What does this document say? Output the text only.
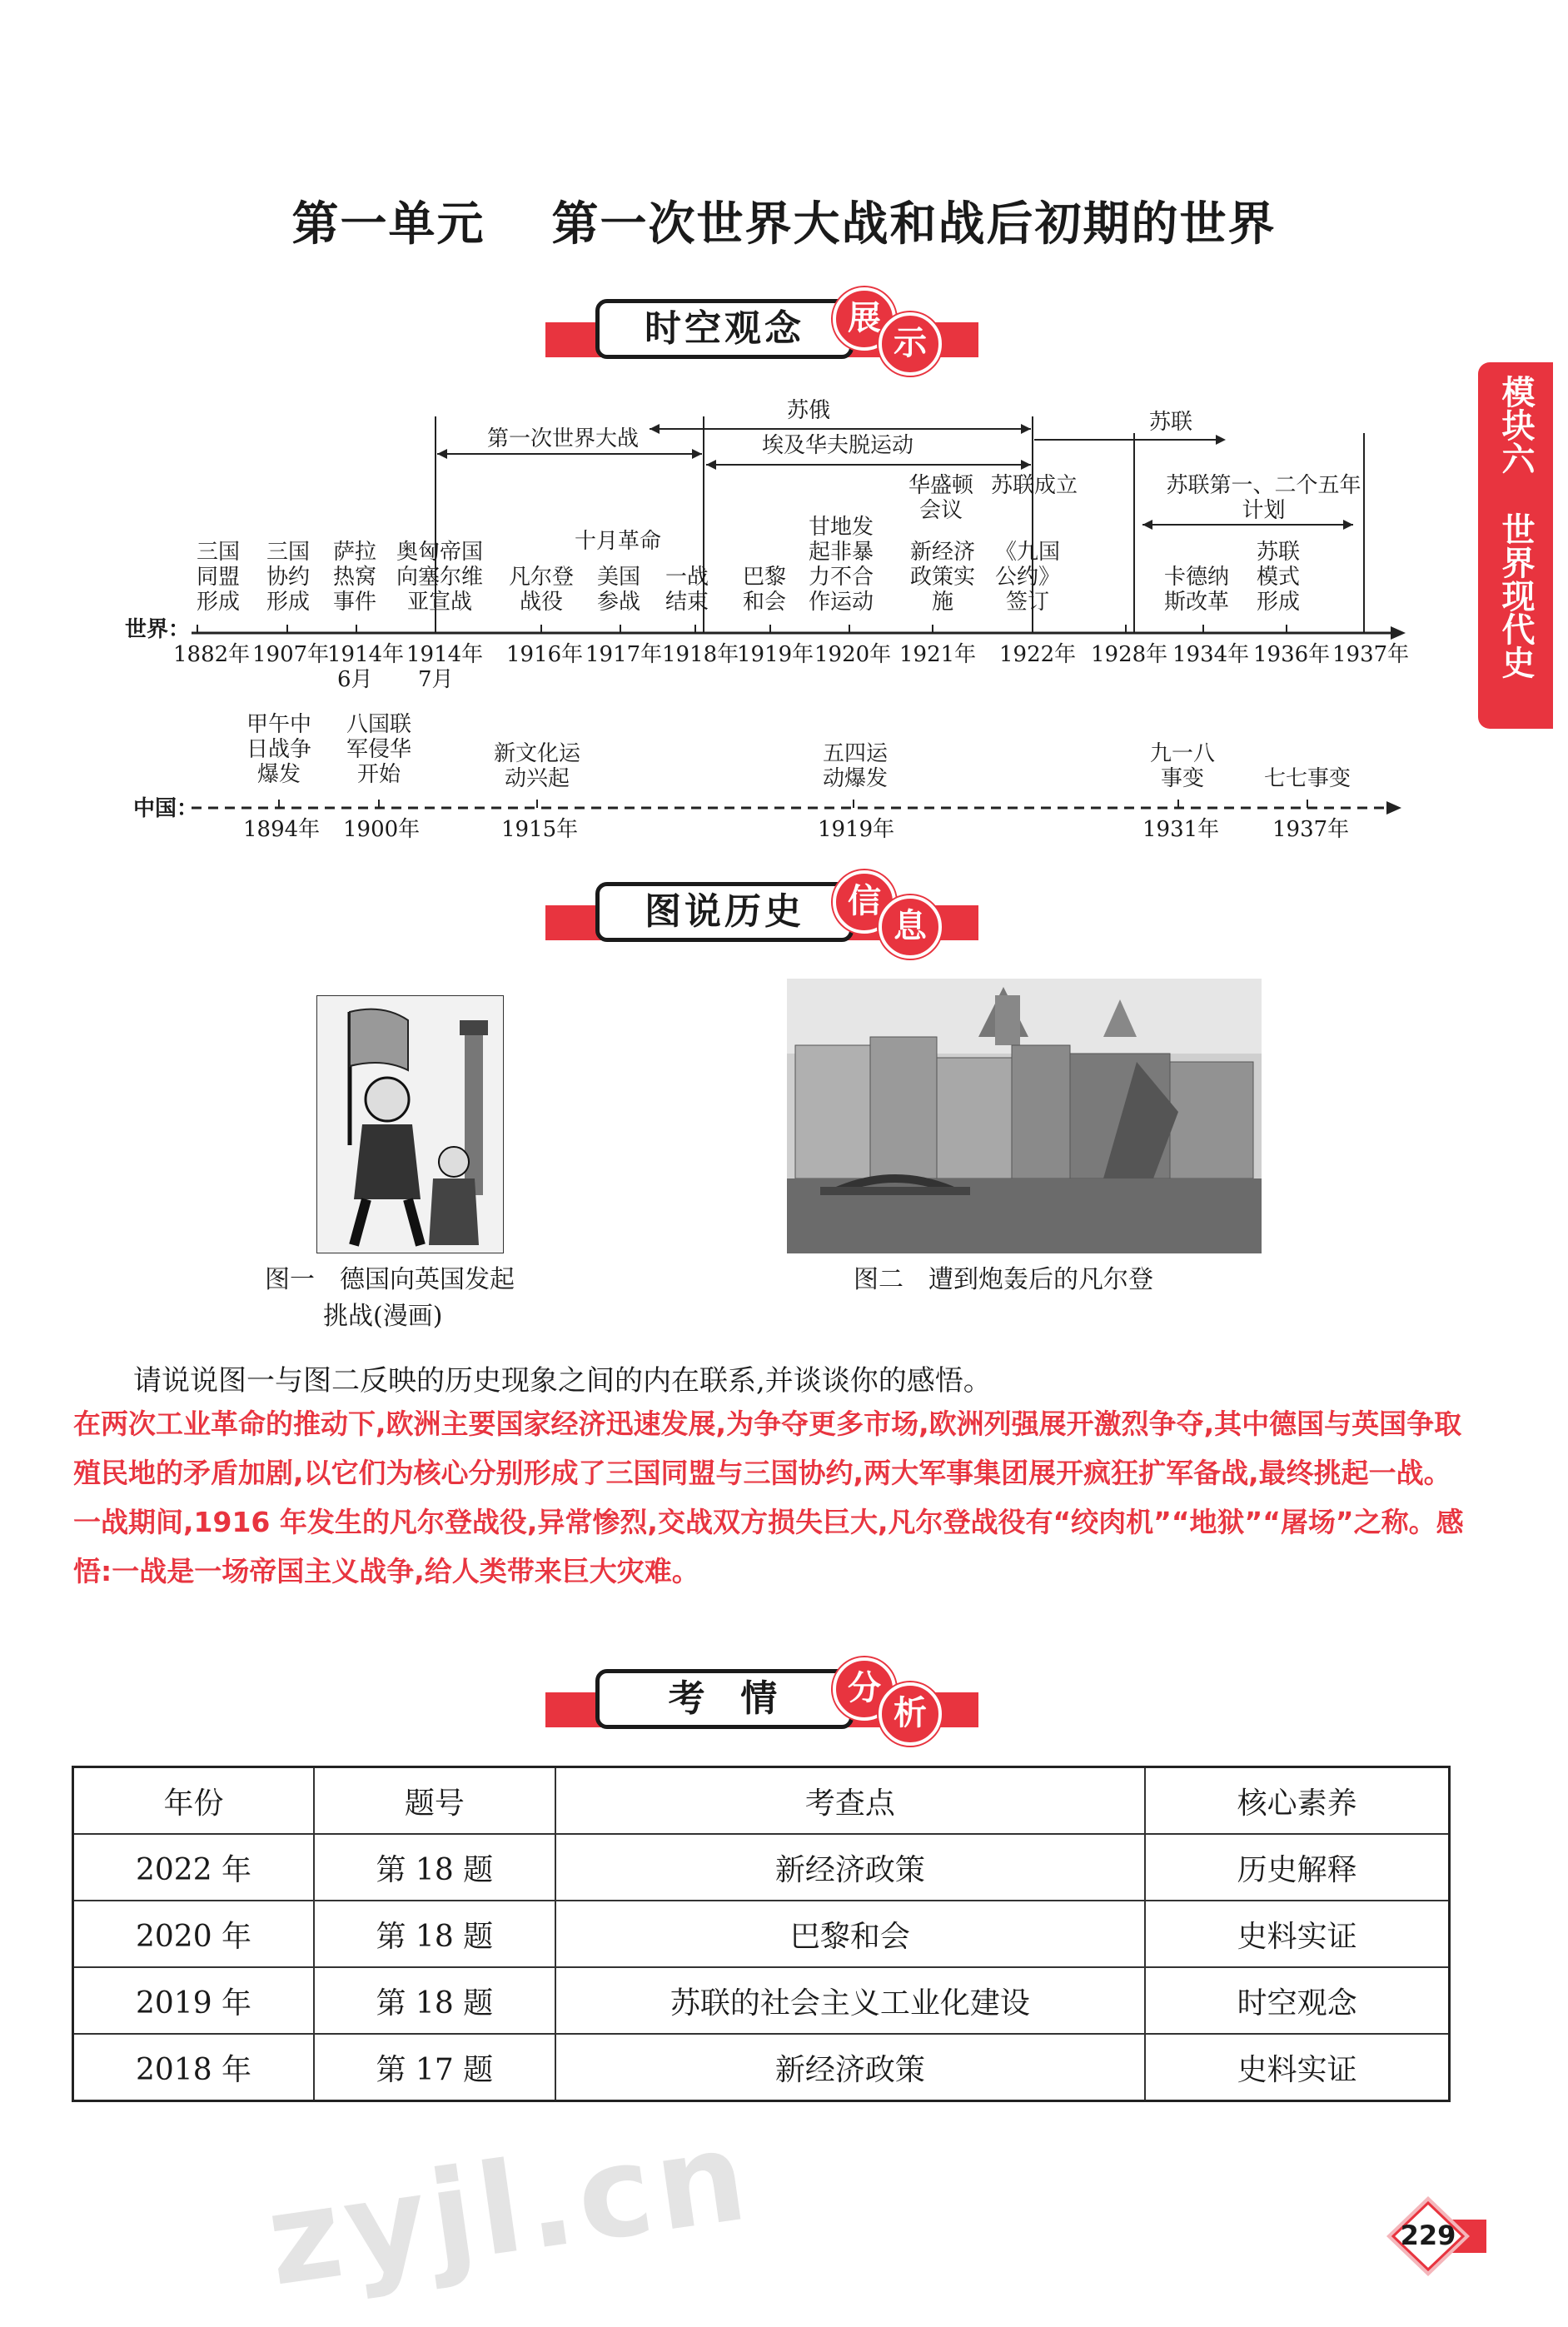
第一单元 第一次世界大战和战后初期的世界
模块六
世界现代史
时空观念	展
示
世界：
第一次世界大战
苏俄
埃及华夫脱运动
苏联
苏联第一、二个五年计划
三国同盟形成
三国协约形成
萨拉热窝事件
奥匈帝国向塞尔维亚宣战
凡尔登战役
十月革命
美国参战
一战结束
巴黎和会
甘地发起非暴力不合作运动
华盛顿会议
新经济政策实施
《九国公约》签订
苏联成立
卡德纳斯改革
苏联模式形成
1882年 1907年
1914年
6月
1914年
7月
1916年 1917年 1918年
1919年 1920年 1921年 1922年 1928年 1934年 1936年 1937年
中国：
甲午中日战争爆发
八国联军侵华开始
新文化运动兴起
五四运动爆发
九一八事变	七七事变
1894年 1900年	1915年	1919年	1931年 1937年
图说历史	信
息
图一　德国向英国发起
挑战(漫画)
图二　遭到炮轰后的凡尔登
请说说图一与图二反映的历史现象之间的内在联系,并谈谈你的感悟。
在两次工业革命的推动下,欧洲主要国家经济迅速发展,为争夺更多市场,欧洲列强展开激烈争夺,其中德国与英国争取殖民地的矛盾加剧,以它们为核心分别形成了三国同盟与三国协约,两大军事集团展开疯狂扩军备战,最终挑起一战。一战期间,1916 年发生的凡尔登战役,异常惨烈,交战双方损失巨大,凡尔登战役有“绞肉机”“地狱”“屠场”之称。感悟:一战是一场帝国主义战争,给人类带来巨大灾难。
考  情	分
析
年份	题号	考查点	核心素养
2022 年	第 18 题	新经济政策	历史解释
2020 年	第 18 题	巴黎和会	史料实证
2019 年	第 18 题	苏联的社会主义工业化建设	时空观念
2018 年	第 17 题	新经济政策	史料实证
zyjl.cn	229
